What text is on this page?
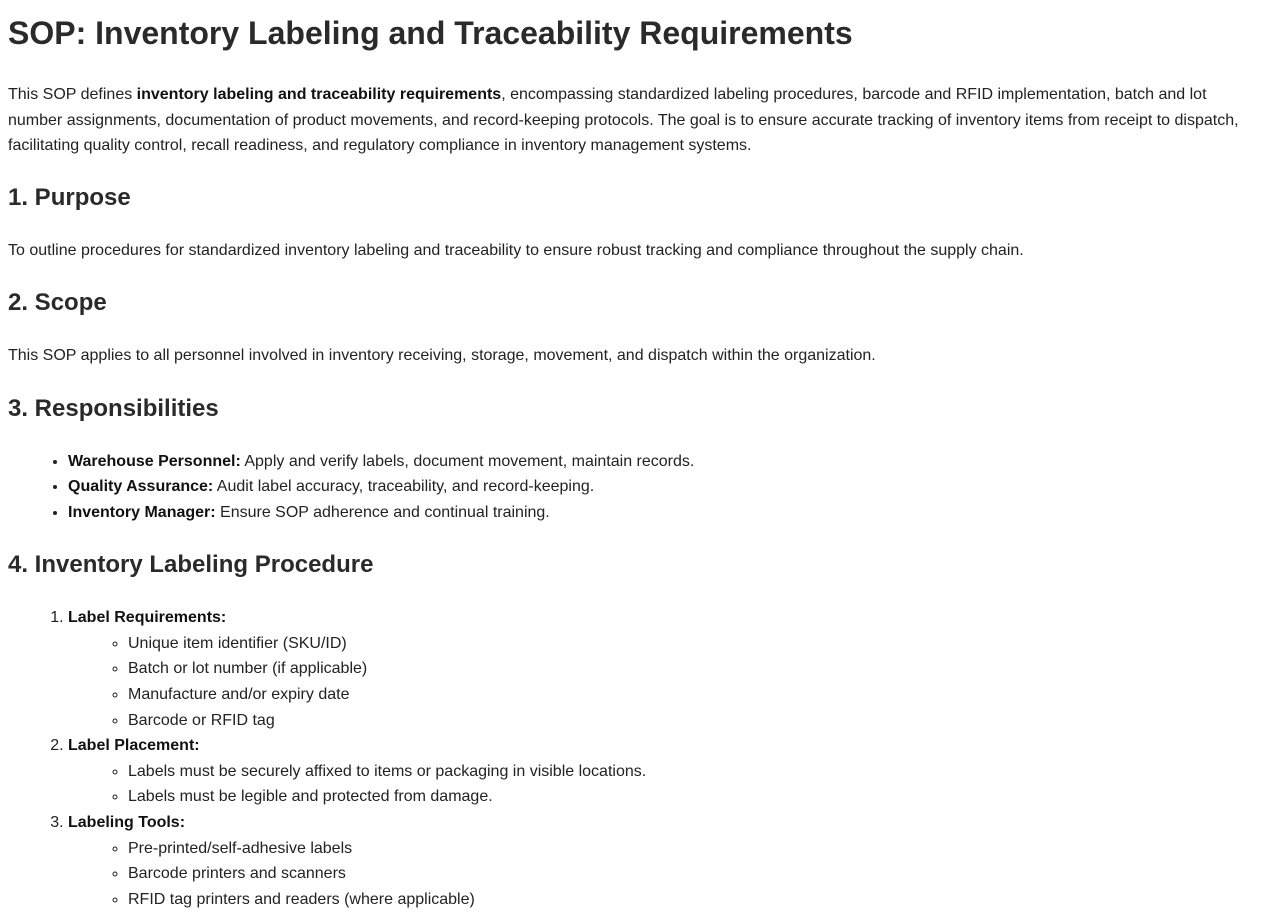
SOP: Inventory Labeling and Traceability Requirements

This SOP defines inventory labeling and traceability requirements, encompassing standardized labeling procedures, barcode and RFID implementation, batch and lot number assignments, documentation of product movements, and record-keeping protocols. The goal is to ensure accurate tracking of inventory items from receipt to dispatch, facilitating quality control, recall readiness, and regulatory compliance in inventory management systems.

1. Purpose

To outline procedures for standardized inventory labeling and traceability to ensure robust tracking and compliance throughout the supply chain.

2. Scope

This SOP applies to all personnel involved in inventory receiving, storage, movement, and dispatch within the organization.

3. Responsibilities
• Warehouse Personnel: Apply and verify labels, document movement, maintain records.
• Quality Assurance: Audit label accuracy, traceability, and record-keeping.
• Inventory Manager: Ensure SOP adherence and continual training.
4. Inventory Labeling Procedure
1. Label Requirements:
◦ Unique item identifier (SKU/ID)
◦ Batch or lot number (if applicable)
◦ Manufacture and/or expiry date
◦ Barcode or RFID tag
2. Label Placement:
◦ Labels must be securely affixed to items or packaging in visible locations.
◦ Labels must be legible and protected from damage.
3. Labeling Tools:
◦ Pre-printed/self-adhesive labels
◦ Barcode printers and scanners
◦ RFID tag printers and readers (where applicable)
